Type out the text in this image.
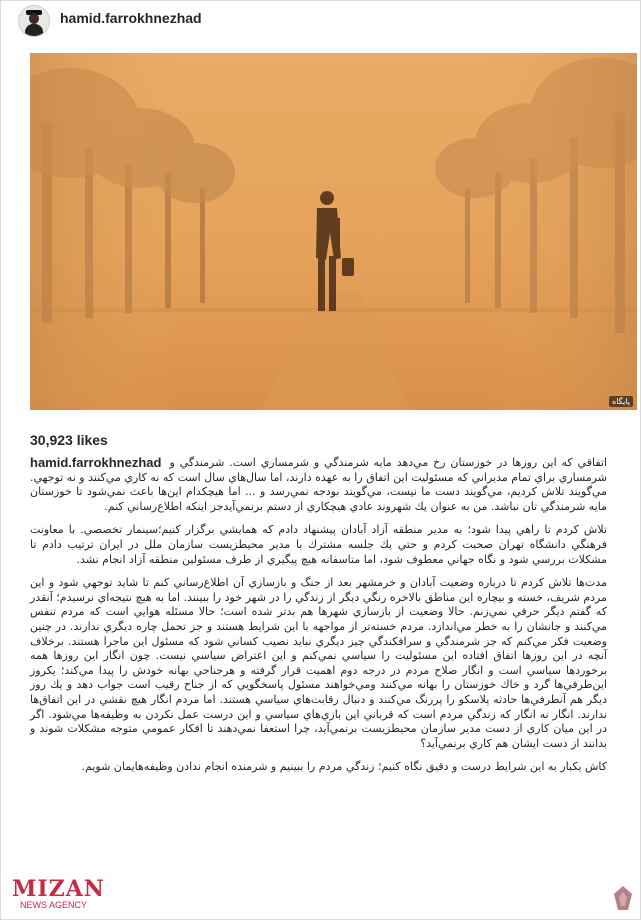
hamid.farrokhnezhad
پایگاه
30,923 likes
hamid.farrokhnezhad اتفاقي كه اين روزها در خوزستان رخ مي‌دهد مايه شرمندگي و شرمساري است. شرمندگي و شرمساري براي تمام مديراني كه مسئوليت اين اتفاق را به عهده دارند، اما سال‌هاي سال است كه نه كاري مي‌كنند و نه توجهي. مي‌گويند تلاش كرديم، مي‌گويند دست ما نيست، مي‌گويند بودجه نمي‌رسد و ... اما هيچكدام اين‌ها باعث نمي‌شود تا خوزستان مايه شرمندگي تان نباشد. من به عنوان يك شهروند عادي هيچكاري از دستم برنمي‌آيدجز اينكه اطلاع‌رساني كنم.

تلاش كردم تا راهي پيدا شود؛ به مدير منطقه آزاد آبادان پيشنهاد دادم كه همايشي برگزار كنيم؛سينمار تخصصي. با معاونت فرهنگي دانشگاه تهران صحبت كردم و حتي يك جلسه مشترك با مدير محيطزيست سازمان ملل در ايران ترتيب دادم تا مشكلات بررسي شود و نگاه جهاني معطوف شود، اما متاسفانه هيچ پيگيري از طرف مسئولين منطقه آزاد انجام نشد.

مدت‌ها تلاش كردم تا درباره وضعيت آبادان و خرمشهر بعد از جنگ و بازسازي آن اطلاع‌رساني كنم تا شايد توجهي شود و اين مردم شريف، خسته و بيچاره اين مناطق بالاخره رنگي ديگر از زندگي را در شهر خود را ببينند. اما به هيچ نتيجه‌اي نرسيدم؛ آنقدر كه گفتم ديگر حرفي نمي‌زنم. حالا وضعيت از بازسازي شهرها هم بدتر شده است؛ حالا مسئله هوايي است كه مردم تنفس مي‌كنند و جانشان را به خطر مي‌اندازد. مردم خسته‌تر از مواجهه با اين شرايط هستند و جز تحمل چاره ديگري ندارند. در چنين وضعيت فكر مي‌كنم كه جز شرمندگي و سرافكندگي چيز ديگري نبايد نصيب كساني شود كه مسئول اين ماجرا هستند. برخلاف آنچه در اين روزها اتفاق افتاده اين مسئوليت را سياسي نمي‌كنم و اين اعتراض سياسي نيست. چون انگار اين روزها همه برخوردها سياسي است و انگار صلاح مردم در درجه دوم اهميت قرار گرفته و هرجناحي بهانه خودش را پيدا مي‌كند؛ يكروز اين‌طرفي‌ها گرد و خاك خوزستان را بهانه مي‌كنند ومي‌خواهند مسئول پاسخگويي كه از جناح رقيب است جواب دهد و يك روز ديگر هم آنطرفي‌ها حادثه پلاسكو را پررنگ مي‌كنند و دنبال رقابت‌هاي سياسي هستند. اما مردم انگار هيچ نقشي در اين اتفاق‌ها ندارند. انگار نه انگار كه زندگي مردم است كه قرباني اين بازي‌هاي سياسي و اين درست عمل نكردن به وظيفه‌ها مي‌شود. اگر در اين ميان كاري از دست مدير سازمان محيطزيست برنمي‌آيد، چرا استعفا نمي‌دهند تا افكار عمومي متوجه مشكلات شوند و بدانند از دست ايشان هم كاري برنمي‌آيد؟

كاش يكبار به اين شرايط درست و دقيق نگاه كنيم؛ زندگي مردم را ببينيم و شرمنده انجام ندادن وظيفه‌هايمان شويم.

MIZAN
NEWS AGENCY
